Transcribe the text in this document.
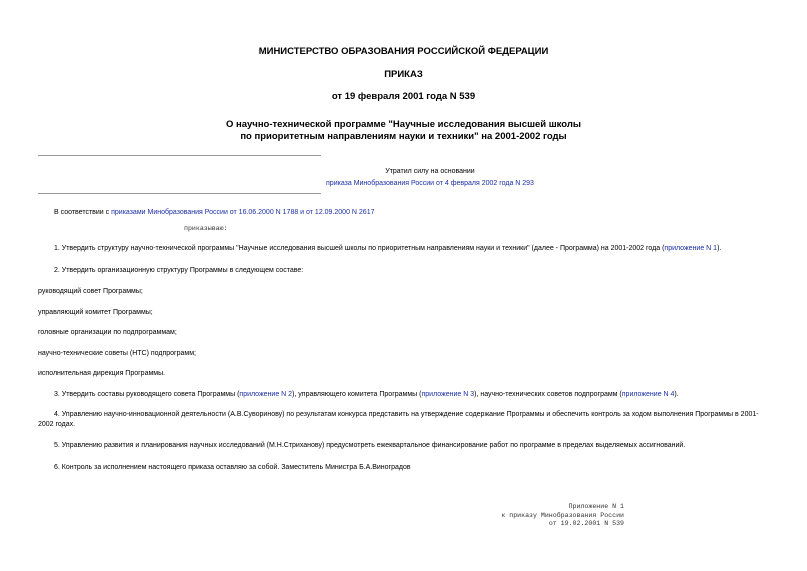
МИНИСТЕРСТВО ОБРАЗОВАНИЯ РОССИЙСКОЙ ФЕДЕРАЦИИ
ПРИКАЗ
от 19 февраля 2001 года N 539
О научно-технической программе "Научные исследования высшей школы
по приоритетным направлениям науки и техники" на 2001-2002 годы
Утратил силу на основании
приказа Минобразования России от 4 февраля 2002 года N 293
В соответствии с приказами Минобразования России от 16.06.2000 N 1788 и от 12.09.2000 N 2617
приказываю:
1. Утвердить структуру научно-технической программы "Научные исследования высшей школы по приоритетным направлениям науки и техники" (далее - Программа) на 2001-2002 года (приложение N 1).
2. Утвердить организационную структуру Программы в следующем составе:
руководящий совет Программы;
управляющий комитет Программы;
головные организации по подпрограммам;
научно-технические советы (НТС) подпрограмм;
исполнительная дирекция Программы.
3. Утвердить составы руководящего совета Программы (приложение N 2), управляющего комитета Программы (приложение N 3), научно-технических советов подпрограмм (приложение N 4).
4. Управлению научно-инновационной деятельности (А.В.Суворинову) по результатам конкурса представить на утверждение содержание Программы и обеспечить контроль за ходом выполнения Программы в 2001-2002 годах.
5. Управлению развития и планирования научных исследований (М.Н.Стриханову) предусмотреть ежеквартальное финансирование работ по программе в пределах выделяемых ассигнований.
6. Контроль за исполнением настоящего приказа оставляю за собой. Заместитель Министра Б.А.Виноградов
Приложение N 1
к приказу Минобразования России
от 19.02.2001 N 539
